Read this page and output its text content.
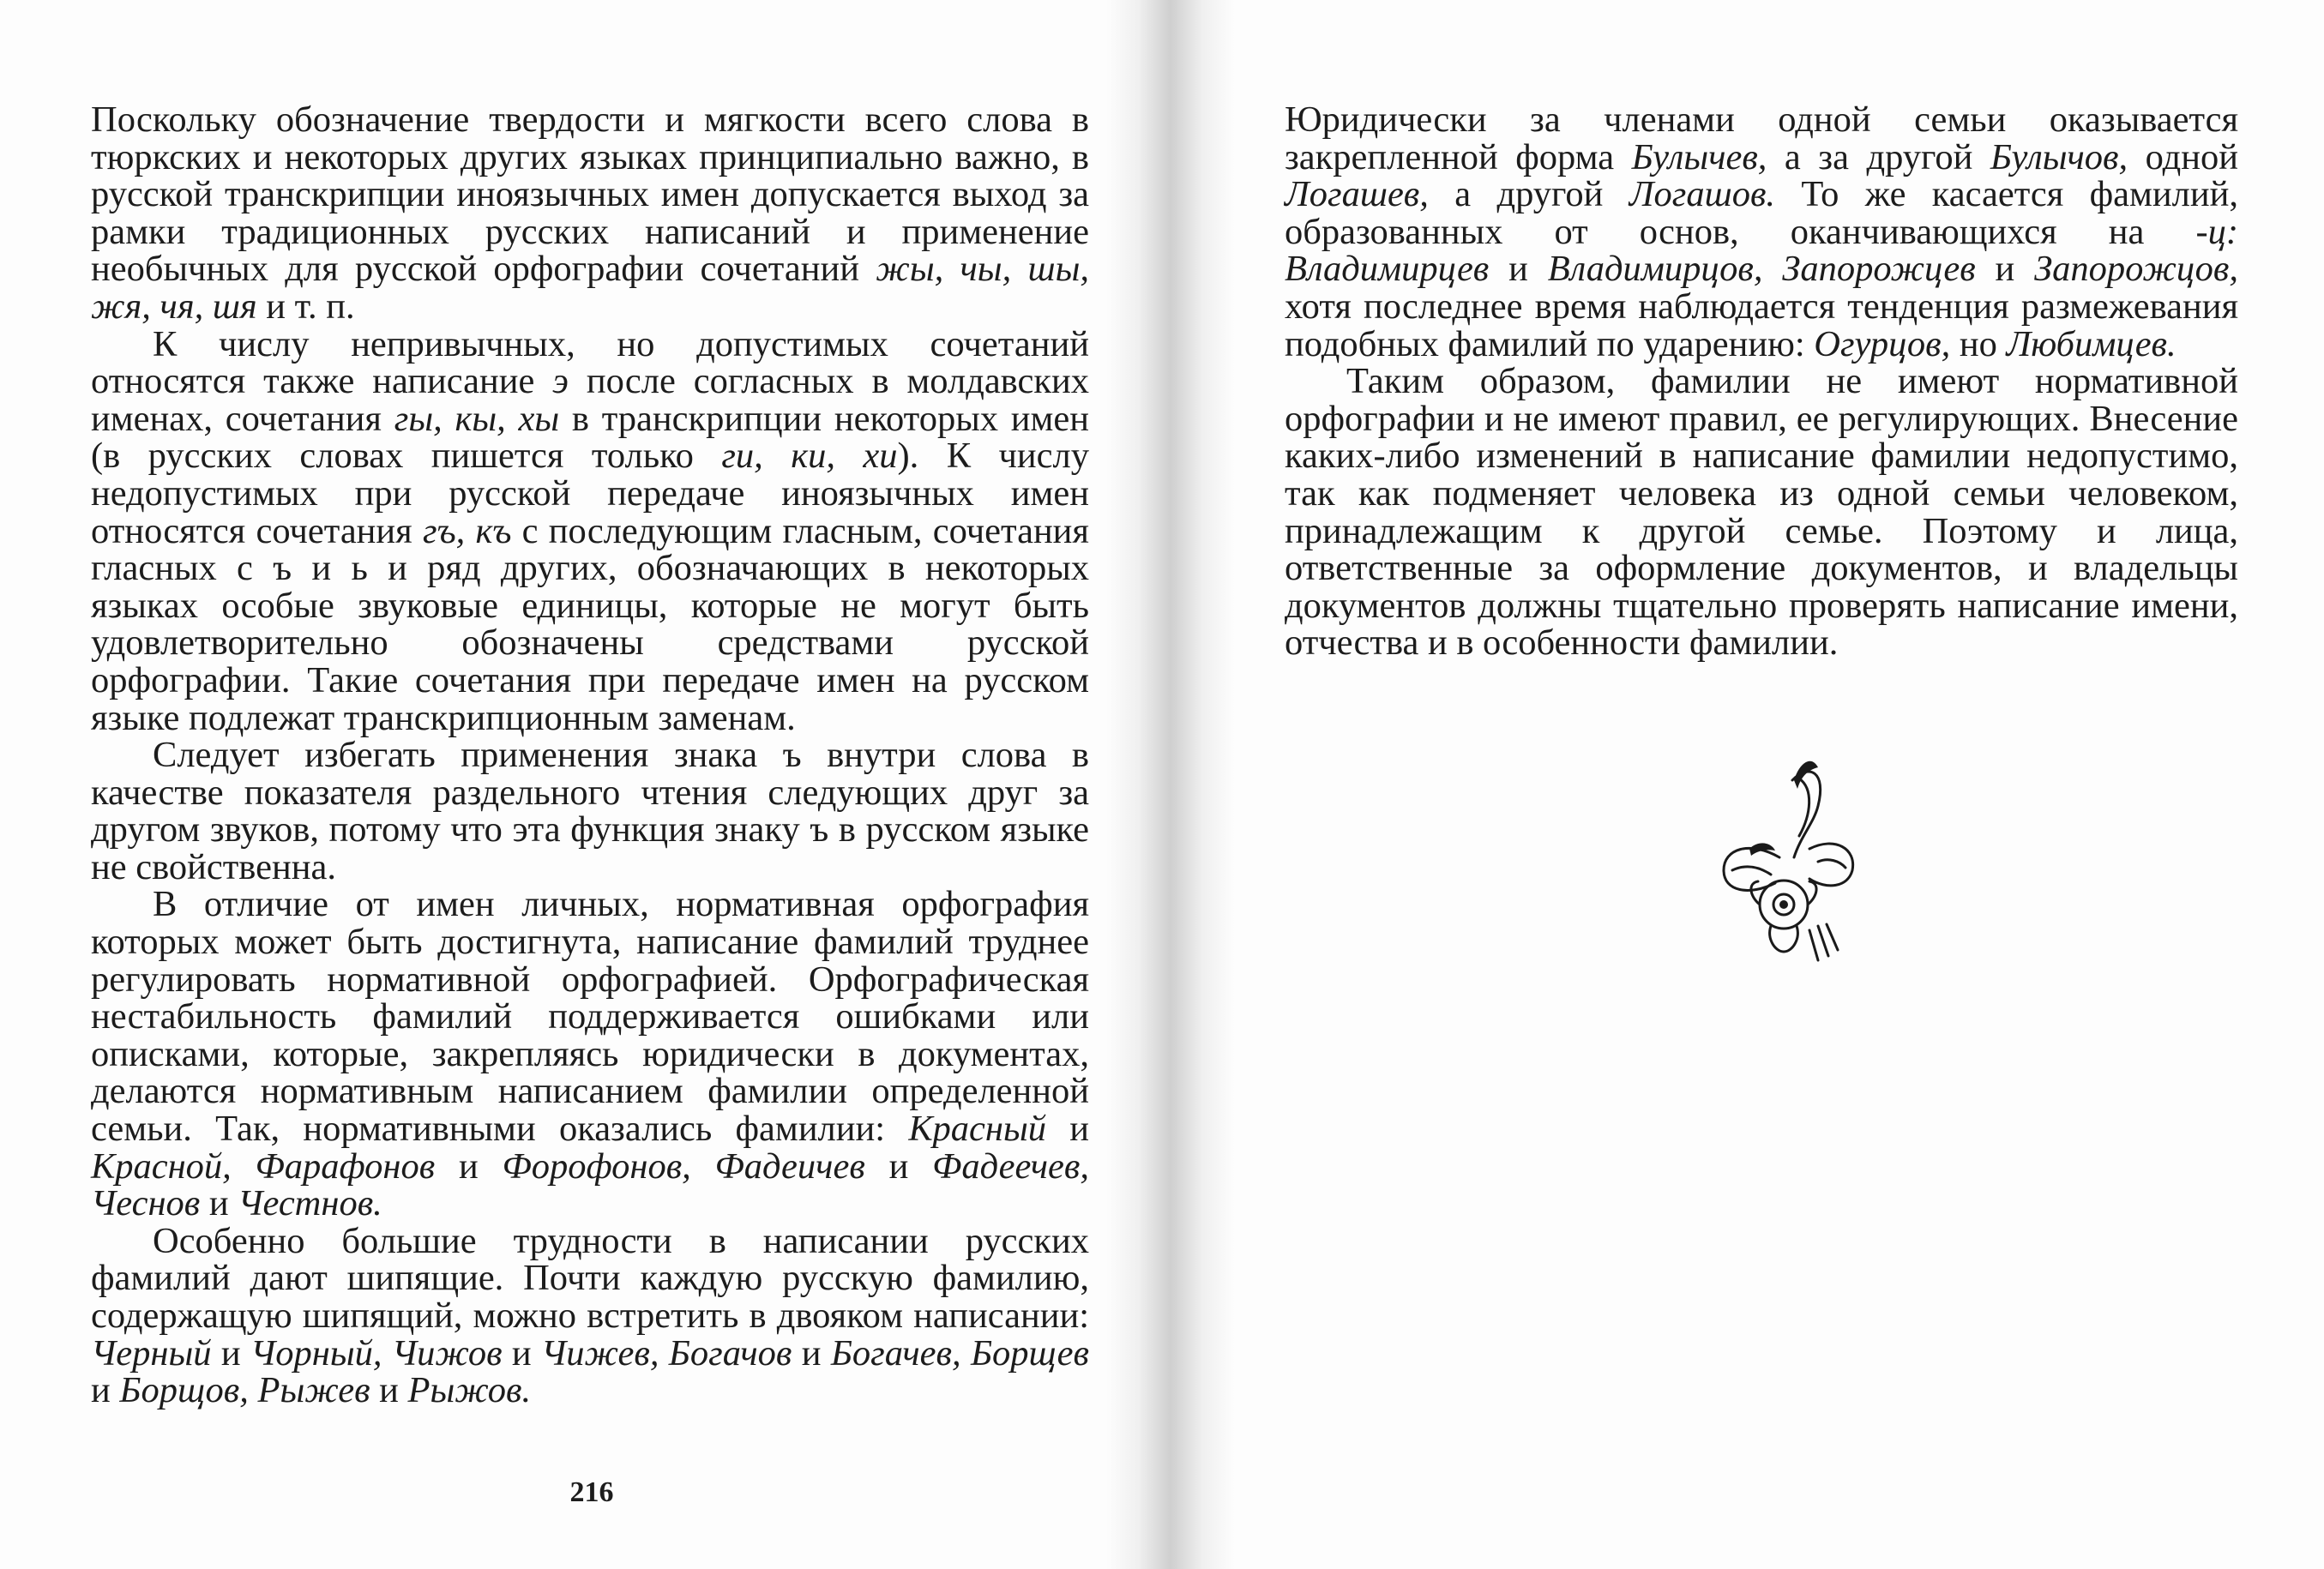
Поскольку обозначение твердости и мягкости всего слова в тюркских и некоторых других языках принципиально важно, в русской транскрипции иноязычных имен допускается выход за рамки традиционных русских написаний и применение необычных для русской орфографии сочетаний жы, чы, шы, жя, чя, шя и т. п.

К числу непривычных, но допустимых сочетаний относятся также написание э после согласных в молдавских именах, сочетания гы, кы, хы в транскрипции некоторых имен (в русских словах пишется только ги, ки, хи). К числу недопустимых при русской передаче иноязычных имен относятся сочетания гъ, къ с последующим гласным, сочетания гласных с ъ и ь и ряд других, обозначающих в некоторых языках особые звуковые единицы, которые не могут быть удовлетворительно обозначены средствами русской орфографии. Такие сочетания при передаче имен на русском языке подлежат транскрипционным заменам.

Следует избегать применения знака ъ внутри слова в качестве показателя раздельного чтения следующих друг за другом звуков, потому что эта функция знаку ъ в русском языке не свойственна.

В отличие от имен личных, нормативная орфография которых может быть достигнута, написание фамилий труднее регулировать нормативной орфографией. Орфографическая нестабильность фамилий поддерживается ошибками или описками, которые, закрепляясь юридически в документах, делаются нормативным написанием фамилии определенной семьи. Так, нормативными оказались фамилии: Красный и Красной, Фарафонов и Форофонов, Фадеичев и Фадеечев, Чеснов и Честнов.

Особенно большие трудности в написании русских фамилий дают шипящие. Почти каждую русскую фамилию, содержащую шипящий, можно встретить в двояком написании: Черный и Чорный, Чижов и Чижев, Богачов и Богачев, Борщев и Борщов, Рыжев и Рыжов.

216

Юридически за членами одной семьи оказывается закрепленной форма Булычев, а за другой Булычов, одной Логашев, а другой Логашов. То же касается фамилий, образованных от основ, оканчивающихся на -ц: Владимирцев и Владимирцов, Запорожцев и Запорожцов, хотя последнее время наблюдается тенденция размежевания подобных фамилий по ударению: Огурцов, но Любимцев.

Таким образом, фамилии не имеют нормативной орфографии и не имеют правил, ее регулирующих. Внесение каких-либо изменений в написание фамилии недопустимо, так как подменяет человека из одной семьи человеком, принадлежащим к другой семье. Поэтому и лица, ответственные за оформление документов, и владельцы документов должны тщательно проверять написание имени, отчества и в особенности фамилии.
